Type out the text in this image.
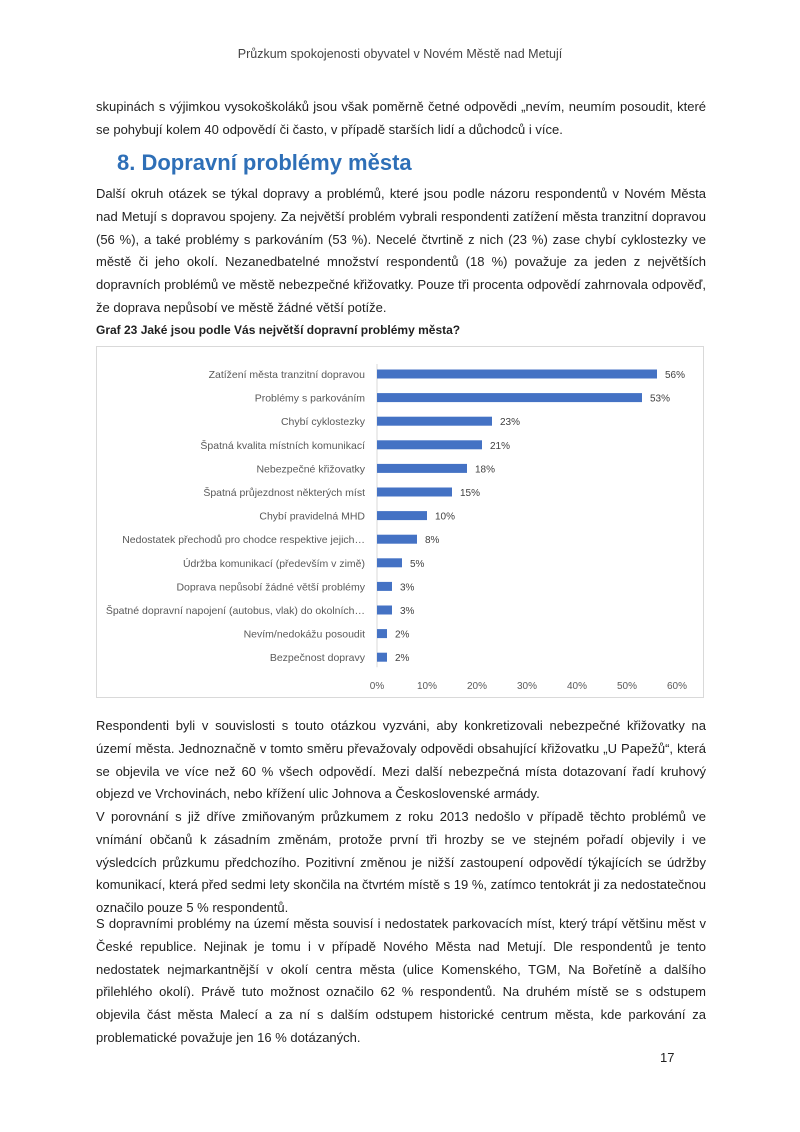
Průzkum spokojenosti obyvatel v Novém Městě nad Metují

skupinách s výjimkou vysokoškoláků jsou však poměrně četné odpovědi „nevím, neumím posoudit, které se pohybují kolem 40 odpovědí či často, v případě starších lidí a důchodců i více.

8. Dopravní problémy města

Další okruh otázek se týkal dopravy a problémů, které jsou podle názoru respondentů v Novém Města nad Metují s dopravou spojeny. Za největší problém vybrali respondenti zatížení města tranzitní dopravou (56 %), a také problémy s parkováním (53 %). Necelé čtvrtině z nich (23 %) zase chybí cyklostezky ve městě či jeho okolí. Nezanedbatelné množství respondentů (18 %) považuje za jeden z největších dopravních problémů ve městě nebezpečné křižovatky. Pouze tři procenta odpovědí zahrnovala odpověď, že doprava nepůsobí ve městě žádné větší potíže.

Graf 23 Jaké jsou podle Vás největší dopravní problémy města?

Zatížení města tranzitní dopravou	56%
Problémy s parkováním	53%
Chybí cyklostezky	23%
Špatná kvalita místních komunikací	21%
Nebezpečné křižovatky	18%
Špatná průjezdnost některých míst	15%
Chybí pravidelná MHD	10%
Nedostatek přechodů pro chodce respektive jejich…	8%
Údržba komunikací (především v zimě)	5%
Doprava nepůsobí žádné větší problémy	3%
Špatné dopravní napojení (autobus, vlak) do okolních…	3%
Nevím/nedokážu posoudit	2%
Bezpečnost dopravy	2%
0%	10%	20%	30%	40%	50%	60%

Respondenti byli v souvislosti s touto otázkou vyzváni, aby konkretizovali nebezpečné křižovatky na území města. Jednoznačně v tomto směru převažovaly odpovědi obsahující křižovatku „U Papežů“, která se objevila ve více než 60 % všech odpovědí. Mezi další nebezpečná místa dotazovaní řadí kruhový objezd ve Vrchovinách, nebo křížení ulic Johnova a Československé armády.

V porovnání s již dříve zmiňovaným průzkumem z roku 2013 nedošlo v případě těchto problémů ve vnímání občanů k zásadním změnám, protože první tři hrozby se ve stejném pořadí objevily i ve výsledcích průzkumu předchozího. Pozitivní změnou je nižší zastoupení odpovědí týkajících se údržby komunikací, která před sedmi lety skončila na čtvrtém místě s 19 %, zatímco tentokrát ji za nedostatečnou označilo pouze 5 % respondentů.

S dopravními problémy na území města souvisí i nedostatek parkovacích míst, který trápí většinu měst v České republice. Nejinak je tomu i v případě Nového Města nad Metují. Dle respondentů je tento nedostatek nejmarkantnější v okolí centra města (ulice Komenského, TGM, Na Bořetíně a dalšího přilehlého okolí). Právě tuto možnost označilo 62 % respondentů. Na druhém místě se s odstupem objevila část města Malecí a za ní s dalším odstupem historické centrum města, kde parkování za problematické považuje jen 16 % dotázaných.

17
